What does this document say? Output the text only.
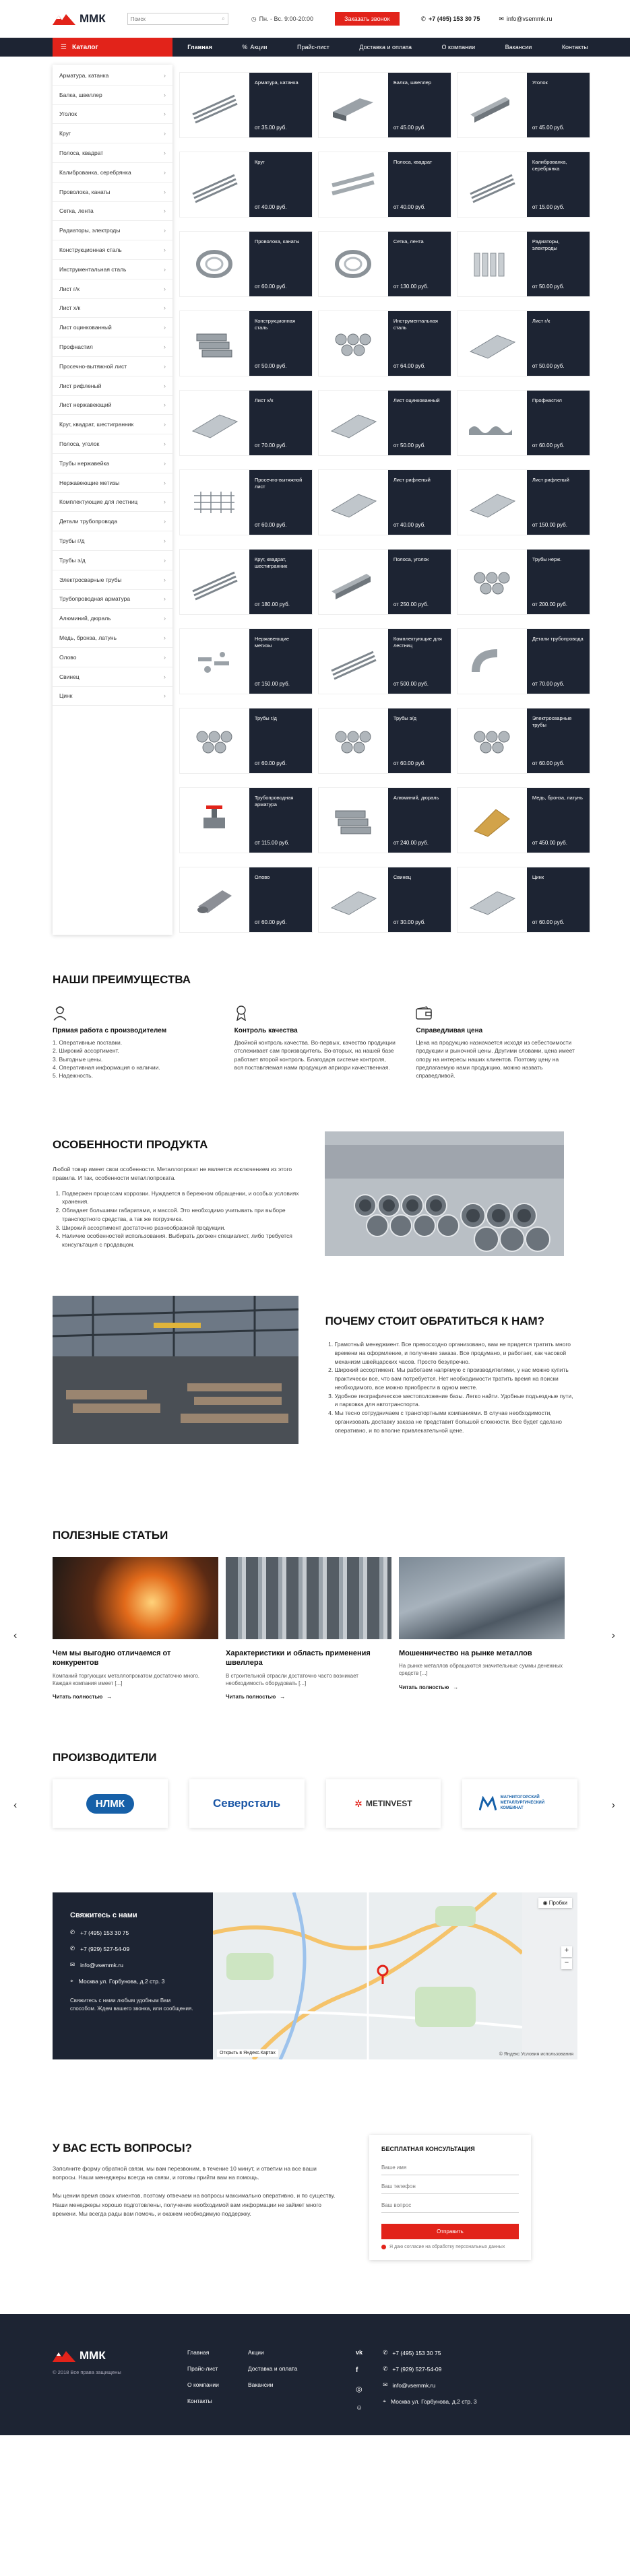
ММК
Поиск	⌕	◷ Пн. - Вс. 9:00-20:00	Заказать звонок	✆ +7 (495) 153 30 75	✉ info@vsemmk.ru
☰ Каталог	Главная	% Акции	Прайс-лист	Доставка и оплата	О компании	Вакансии	Контакты
Арматура, катанка	›
Балка, швеллер	›
Уголок	›
Круг	›
Полоса, квадрат	›
Калиброванка, серебрянка	›
Проволока, канаты	›
Сетка, лента	›
Радиаторы, электроды	›
Конструкционная сталь	›
Инструментальная сталь	›
Лист г/к	›
Лист х/к	›
Лист оцинкованный	›
Профнастил	›
Просечно-вытяжной лист	›
Лист рифленый	›
Лист нержавеющий	›
Круг, квадрат, шестигранник	›
Полоса, уголок	›
Трубы нержавейка	›
Нержавеющие метизы	›
Комплектующие для лестниц	›
Детали трубопровода	›
Трубы г/д	›
Трубы э/д	›
Электросварные трубы	›
Трубопроводная арматура	›
Алюминий, дюраль	›
Медь, бронза, латунь	›
Олово	›
Свинец	›
Цинк	›
Арматура, катанка
от 35.00 руб.
Балка, швеллер
от 45.00 руб.
Уголок
от 45.00 руб.
Круг
от 40.00 руб.
Полоса, квадрат
от 40.00 руб.
Калиброванка, серебрянка
от 15.00 руб.
Проволока, канаты
от 60.00 руб.
Сетка, лента
от 130.00 руб.
Радиаторы, электроды
от 50.00 руб.
Конструкционная сталь
от 50.00 руб.
Инструментальная сталь
от 64.00 руб.
Лист г/к
от 50.00 руб.
Лист х/к
от 70.00 руб.
Лист оцинкованный
от 50.00 руб.
Профнастил
от 60.00 руб.
Просечно-вытяжной лист
от 60.00 руб.
Лист рифленый
от 40.00 руб.
Лист рифленый
от 150.00 руб.
Круг, квадрат, шестигранник
от 180.00 руб.
Полоса, уголок
от 250.00 руб.
Трубы нерж.
от 200.00 руб.
Нержавеющие метизы
от 150.00 руб.
Комплектующие для лестниц
от 500.00 руб.
Детали трубопровода
от 70.00 руб.
Трубы г/д
от 60.00 руб.
Трубы э/д
от 60.00 руб.
Электросварные трубы
от 60.00 руб.
Трубопроводная арматура
от 115.00 руб.
Алюминий, дюраль
от 240.00 руб.
Медь, бронза, латунь
от 450.00 руб.
Олово
от 60.00 руб.
Свинец
от 30.00 руб.
Цинк
от 60.00 руб.
НАШИ ПРЕИМУЩЕСТВА
Прямая работа с производителем
1. Оперативные поставки.
2. Широкий ассортимент.
3. Выгодные цены.
4. Оперативная информация о наличии.
5. Надежность.
Контроль качества

Двойной контроль качества. Во-первых, качество продукции отслеживает сам производитель. Во-вторых, на нашей базе работает второй контроль. Благодаря системе контроля, вся поставляемая нами продукция априори качественная.

Справедливая цена

Цена на продукцию назначается исходя из себестоимости продукции и рыночной цены. Другими словами, цена имеет опору на интересы наших клиентов. Поэтому цену на предлагаемую нами продукцию, можно назвать справедливой.

ОСОБЕННОСТИ ПРОДУКТА

Любой товар имеет свои особенности. Металлопрокат не является исключением из этого правила. И так, особенности металлопроката.

1. Подвержен процессам коррозии. Нуждается в бережном обращении, и особых условиях хранения.
2. Обладает большими габаритами, и массой. Это необходимо учитывать при выборе транспортного средства, а так же погрузчика.
3. Широкий ассортимент достаточно разнообразной продукции.
4. Наличие особенностей использования. Выбирать должен специалист, либо требуется консультация с продавцом.
ПОЧЕМУ СТОИТ ОБРАТИТЬСЯ К НАМ?
1. Грамотный менеджмент. Все превосходно организовано, вам не придется тратить много времени на оформление, и получение заказа. Все продумано, и работает, как часовой механизм швейцарских часов. Просто безупречно.
2. Широкий ассортимент. Мы работаем напрямую с производителями, у нас можно купить практически все, что вам потребуется. Нет необходимости тратить время на поиски необходимого, все можно приобрести в одном месте.
3. Удобное географическое местоположение базы. Легко найти. Удобные подъездные пути, и парковка для автотранспорта.
4. Мы тесно сотрудничаем с транспортными компаниями. В случае необходимости, организовать доставку заказа не представит большой сложности. Все будет сделано оперативно, и по вполне привлекательной цене.
ПОЛЕЗНЫЕ СТАТЬИ
‹	›
Чем мы выгодно отличаемся от конкурентов

Компаний торгующих металлопрокатом достаточно много. Каждая компания имеет [...]

Читать полностью →
Характеристики и область применения швеллера

В строительной отрасли достаточно часто возникает необходимость оборудовать [...]

Читать полностью →
Мошенничество на рынке металлов

На рынке металлов обращаются значительные суммы денежных средств [...]

Читать полностью →
ПРОИЗВОДИТЕЛИ
‹	›
НЛМК	Северсталь	✲ METINVEST
МАГНИТОГОРСКИЙ МЕТАЛЛУРГИЧЕСКИЙ КОМБИНАТ
Свяжитесь с нами
✆ +7 (495) 153 30 75
✆ +7 (929) 527-54-09
✉ info@vsemmk.ru
⌖ Москва ул. Горбунова, д.2 стр. 3

Свяжитесь с нами любым удобным Вам способом. Ждем вашего звонка, или сообщения.

◉ Пробки
+
−
Открыть в Яндекс.Картах	© Яндекс Условия использования
У ВАС ЕСТЬ ВОПРОСЫ?

Заполните форму обратной связи, мы вам перезвоним, в течение 10 минут, и ответим на все ваши вопросы. Наши менеджеры всегда на связи, и готовы прийти вам на помощь.

Мы ценим время своих клиентов, поэтому отвечаем на вопросы максимально оперативно, и по существу. Наши менеджеры хорошо подготовлены, получение необходимой вам информации не займет много времени. Мы всегда рады вам помочь, и окажем необходимую поддержку.

БЕСПЛАТНАЯ КОНСУЛЬТАЦИЯ
Ваше имя Ваш телефон Ваш вопрос
Отправить
Я даю согласие на обработку персональных данных
ММК
© 2018 Все права защищены
Главная
Прайс-лист
О компании
Контакты
Акции
Доставка и оплата
Вакансии
vk
f
◎
☺
✆ +7 (495) 153 30 75
✆ +7 (929) 527-54-09
✉ info@vsemmk.ru
⌖ Москва ул. Горбунова, д.2 стр. 3
